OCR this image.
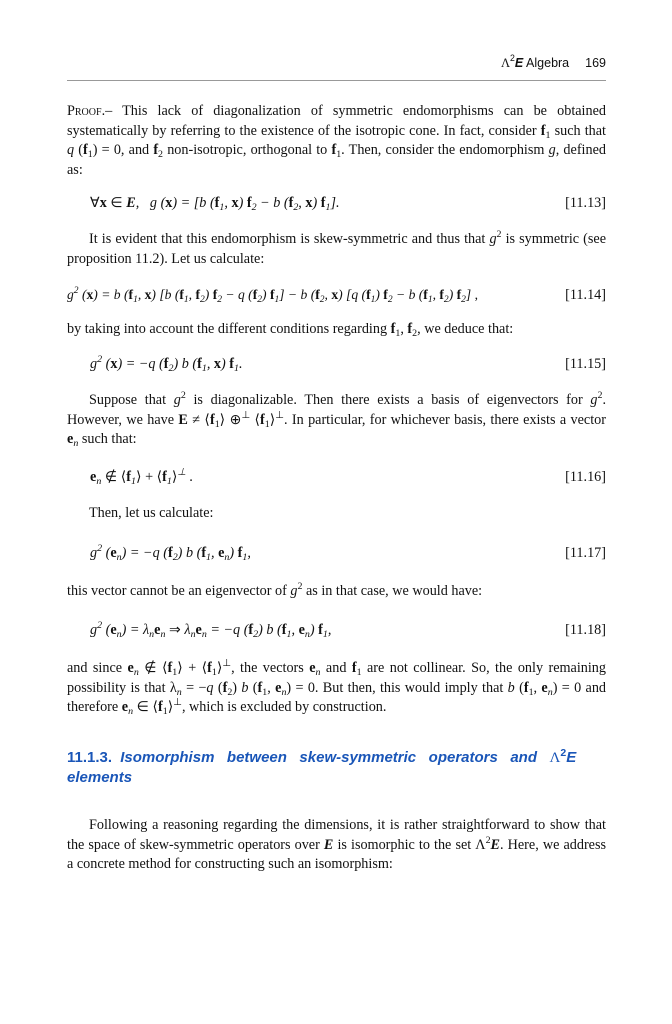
$\Lambda^2E$ Algebra 169

Proof.– This lack of diagonalization of symmetric endomorphisms can be obtained systematically by referring to the existence of the isotropic cone. In fact, consider $f_1$ such that q $(f_1) = 0$, and $f_2$ non-isotropic, orthogonal to $f_1$. Then, consider the endomorphism g, defined as:

∀x ∈ E,   g (x) = [b ($f_1$, x) $f_2 - b$ ($f_2$, x) $f_1$].	[11.13]

It is evident that this endomorphism is skew-symmetric and thus that $g^2$ is symmetric (see proposition 11.2). Let us calculate:

$g^2$ (x) = b ($f_1$, x) [b ($f_1$, $f_2$) $f_2 - q$ $(f_2) f_1] - b$ ($f_2$, x) [q $(f_1) f_2 - b$ ($f_1$, $f_2$) $f_2$] ,	[11.14]

by taking into account the different conditions regarding $f_1$, $f_2$, we deduce that:

$g^2$ (x) = −q $(f_2)$ b ($f_1$, x) $f_1$.	[11.15]

Suppose that $g^2$ is diagonalizable. Then there exists a basis of eigenvectors for $g^2$. However, we have $E \ne ⟨f_1⟩$ ⊕⊥ $⟨f_1⟩^\perp$. In particular, for whichever basis, there exists a vector $e_n$ such that:

$e_n$ ∉ $⟨f_1⟩$ + $⟨f_1⟩^\perp$ .	[11.16]

Then, let us calculate:

$g^2$ $(e_n) = -q$ $(f_2)$ b ($f_1$, $e_n$) $f_1$,	[11.17]

this vector cannot be an eigenvector of $g^2$ as in that case, we would have:

$g^2$ $(e_n) = \lambda_ne_n$ ⇒ $\lambda_ne_n = -q$ $(f_2)$ b ($f_1$, $e_n$) $f_1$,	[11.18]

and since $e_n$ ∉ $⟨f_1⟩$ + $⟨f_1⟩^\perp$, the vectors $e_n$ and $f_1$ are not collinear. So, the only remaining possibility is that $\lambda_n = -q$ $(f_2)$ b ($f_1$, $e_n) = 0$. But then, this would imply that b ($f_1$, $e_n) = 0$ and therefore $e_n$ ∈ $⟨f_1⟩^\perp$, which is excluded by construction.

11.1.3. Isomorphism   between   skew-symmetric   operators   and   $\Lambda^2E$
elements

Following a reasoning regarding the dimensions, it is rather straightforward to show that the space of skew-symmetric operators over E is isomorphic to the set $\Lambda^2E$. Here, we address a concrete method for constructing such an isomorphism:
